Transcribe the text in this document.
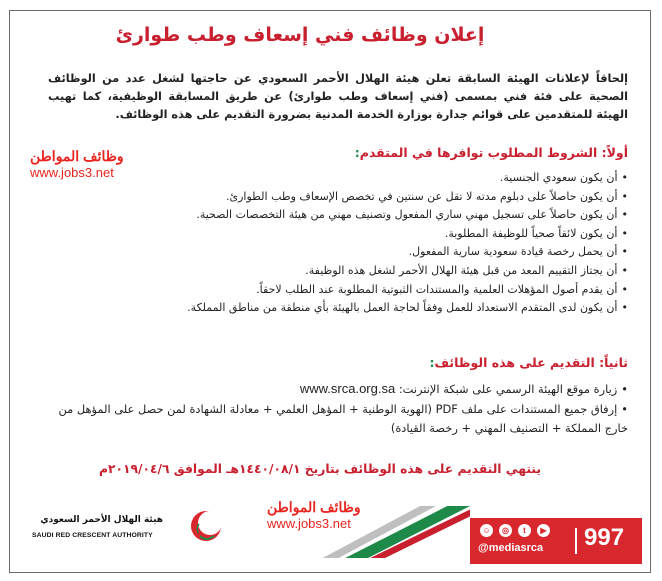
إعلان وظائف فني إسعاف وطب طوارئ
إلحاقاً لإعلانات الهيئة السابقة تعلن هيئة الهلال الأحمر السعودي عن حاجتها لشغل عدد من الوظائف الصحية على فئة فني بمسمى (فني إسعاف وطب طوارئ) عن طريق المسابقة الوظيفية، كما تهيب الهيئة للمتقدمين على قوائم جدارة بوزارة الخدمة المدنية بضرورة التقديم على هذه الوظائف.
أولاً: الشروط المطلوب توافرها في المتقدم:
وظائف المواطن
www.jobs3.net
•	أن يكون سعودي الجنسية.
• أن يكون حاصلاً على دبلوم مدته لا تقل عن سنتين في تخصص الإسعاف وطب الطوارئ.
• أن يكون حاصلاً على تسجيل مهني ساري المفعول وتصنيف مهني من هيئة التخصصات الصحية.
• أن يكون لائقاً صحياً للوظيفة المطلوبة.
• أن يحمل رخصة قيادة سعودية سارية المفعول.
• أن يجتاز التقييم المعد من قبل هيئة الهلال الأحمر لشغل هذه الوظيفة.
• أن يقدم أصول المؤهلات العلمية والمستندات الثبوتية المطلوبة عند الطلب لاحقاً.
• أن يكون لدى المتقدم الاستعداد للعمل وفقاً لحاجة العمل بالهيئة بأي منطقة من مناطق المملكة.
ثانياً: التقديم على هذه الوظائف:
•زيارة موقع الهيئة الرسمي على شبكة الإنترنت: www.srca.org.sa
•إرفاق جميع المستندات على ملف PDF (الهوية الوطنية + المؤهل العلمي + معادلة الشهادة لمن حصل على المؤهل من خارج المملكة + التصنيف المهني + رخصة القيادة)
ينتهي التقديم على هذه الوظائف بتاريخ ١٤٤٠/٠٨/١هـ الموافق ٢٠١٩/٠٤/٦م
وظائف المواطن
www.jobs3.net
هيئة الهلال الأحمر السعودي
SAUDI RED CRESCENT AUTHORITY
☺	◎	t	▶
@mediasrca 997
